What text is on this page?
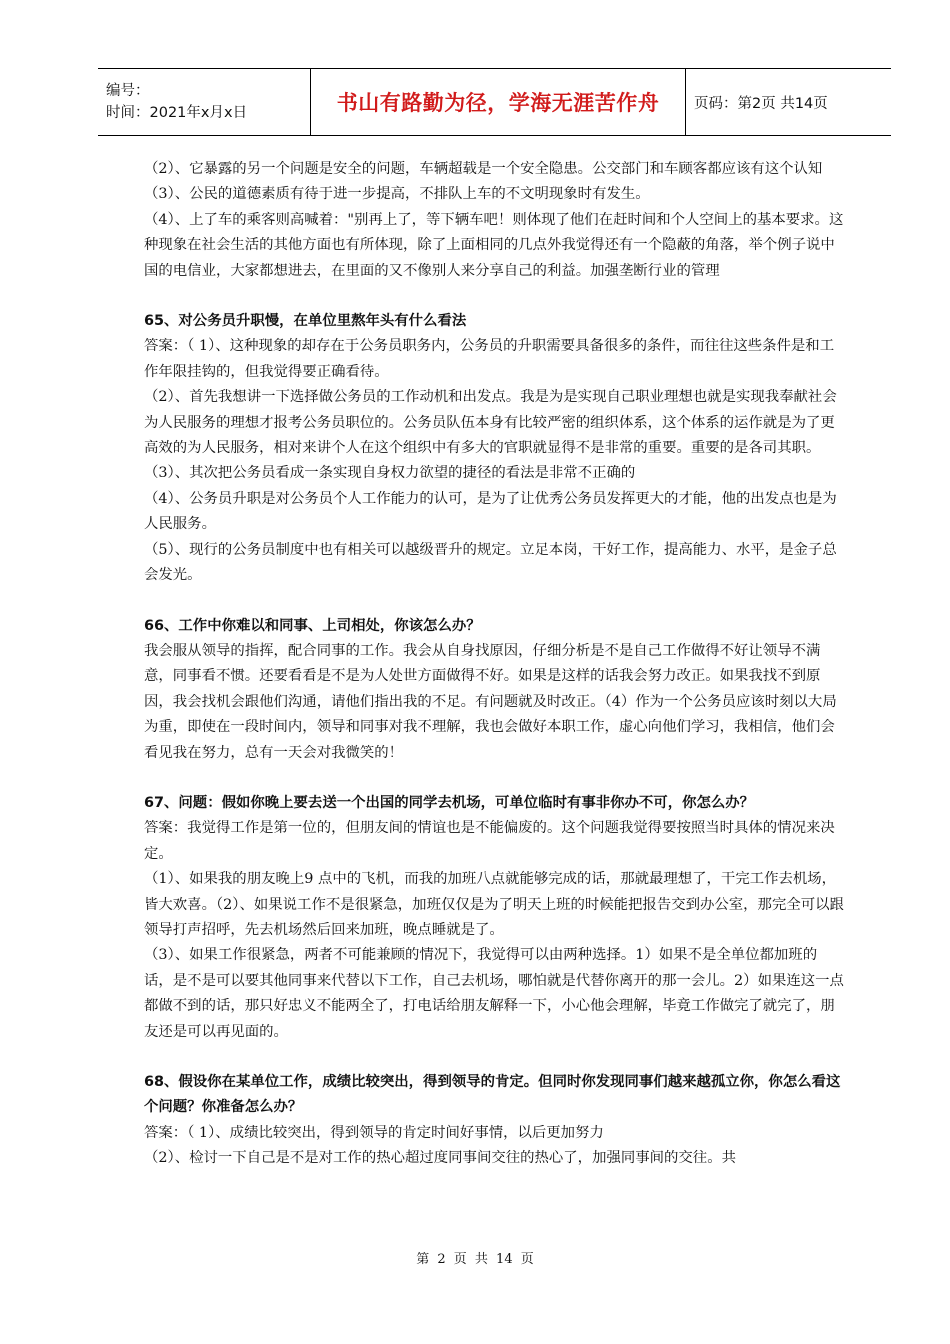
编号：
时间：2021年x月x日	书山有路勤为径，学海无涯苦作舟 页码：第2页 共14页

（2）、它暴露的另一个问题是安全的问题，车辆超载是一个安全隐患。公交部门和车顾客都应该有这个认知

（3）、公民的道德素质有待于进一步提高，不排队上车的不文明现象时有发生。

（4）、上了车的乘客则高喊着："别再上了，等下辆车吧！则体现了他们在赶时间和个人空间上的基本要求。这种现象在社会生活的其他方面也有所体现，除了上面相同的几点外我觉得还有一个隐蔽的角落，举个例子说中国的电信业，大家都想进去，在里面的又不像别人来分享自己的利益。加强垄断行业的管理

65、对公务员升职慢，在单位里熬年头有什么看法

答案：（ 1）、这种现象的却存在于公务员职务内，公务员的升职需要具备很多的条件，而往往这些条件是和工作年限挂钩的，但我觉得要正确看待。

（2）、首先我想讲一下选择做公务员的工作动机和出发点。我是为是实现自己职业理想也就是实现我奉献社会为人民服务的理想才报考公务员职位的。公务员队伍本身有比较严密的组织体系，这个体系的运作就是为了更高效的为人民服务，相对来讲个人在这个组织中有多大的官职就显得不是非常的重要。重要的是各司其职。

（3）、其次把公务员看成一条实现自身权力欲望的捷径的看法是非常不正确的

（4）、公务员升职是对公务员个人工作能力的认可，是为了让优秀公务员发挥更大的才能，他的出发点也是为人民服务。

（5）、现行的公务员制度中也有相关可以越级晋升的规定。立足本岗，干好工作，提高能力、水平，是金子总会发光。

66、工作中你难以和同事、上司相处，你该怎么办？

我会服从领导的指挥，配合同事的工作。我会从自身找原因，仔细分析是不是自己工作做得不好让领导不满意，同事看不惯。还要看看是不是为人处世方面做得不好。如果是这样的话我会努力改正。如果我找不到原因，我会找机会跟他们沟通，请他们指出我的不足。有问题就及时改正。（4）作为一个公务员应该时刻以大局为重，即使在一段时间内，领导和同事对我不理解，我也会做好本职工作，虚心向他们学习，我相信，他们会看见我在努力，总有一天会对我微笑的！

67、问题：假如你晚上要去送一个出国的同学去机场，可单位临时有事非你办不可，你怎么办？

答案：我觉得工作是第一位的，但朋友间的情谊也是不能偏废的。这个问题我觉得要按照当时具体的情况来决定。

（1）、如果我的朋友晚上9 点中的飞机，而我的加班八点就能够完成的话，那就最理想了，干完工作去机场，皆大欢喜。（2）、如果说工作不是很紧急，加班仅仅是为了明天上班的时候能把报告交到办公室，那完全可以跟领导打声招呼，先去机场然后回来加班，晚点睡就是了。

（3）、如果工作很紧急，两者不可能兼顾的情况下，我觉得可以由两种选择。1）如果不是全单位都加班的话，是不是可以要其他同事来代替以下工作，自己去机场，哪怕就是代替你离开的那一会儿。2）如果连这一点都做不到的话，那只好忠义不能两全了，打电话给朋友解释一下，小心他会理解，毕竟工作做完了就完了，朋友还是可以再见面的。

68、假设你在某单位工作，成绩比较突出，得到领导的肯定。但同时你发现同事们越来越孤立你，你怎么看这个问题？你准备怎么办？

答案：（ 1）、成绩比较突出，得到领导的肯定时间好事情，以后更加努力

（2）、检讨一下自己是不是对工作的热心超过度同事间交往的热心了，加强同事间的交往。共

第 2 页 共 14 页
